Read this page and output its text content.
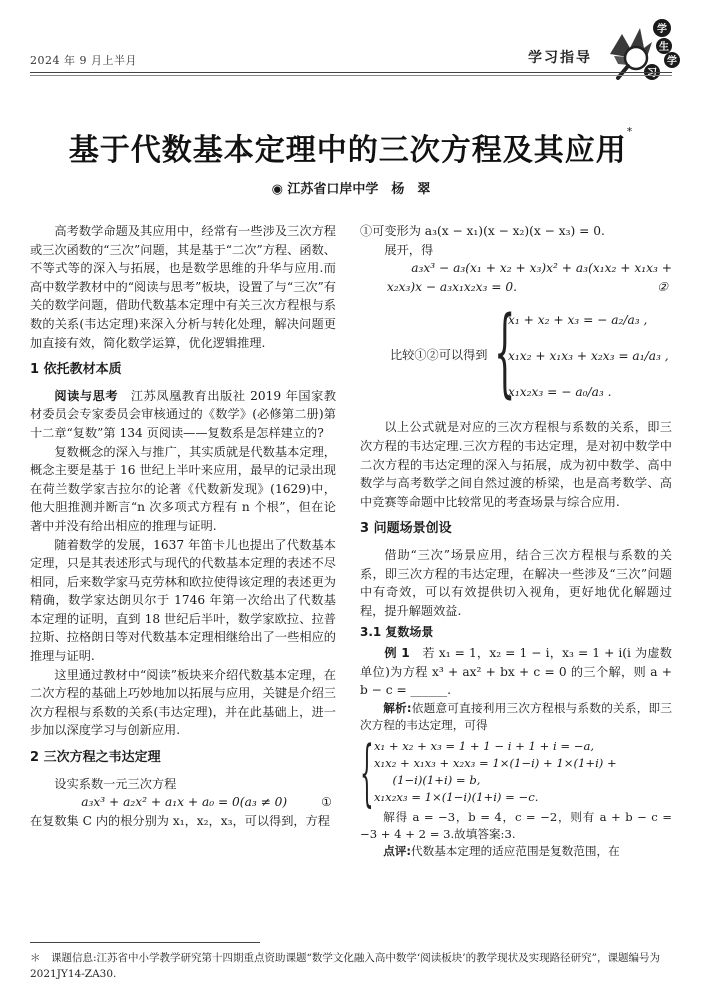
2024 年 9 月上半月	学习指导
学
生
学
习
基于代数基本定理中的三次方程及其应用*
◉ 江苏省口岸中学　杨　翠

高考数学命题及其应用中，经常有一些涉及三次方程或三次函数的“三次”问题，其是基于“二次”方程、函数、不等式等的深入与拓展，也是数学思维的升华与应用.而高中数学教材中的“阅读与思考”板块，设置了与“三次”有关的数学问题，借助代数基本定理中有关三次方程根与系数的关系(韦达定理)来深入分析与转化处理，解决问题更加直接有效，简化数学运算，优化逻辑推理.

1 依托教材本质

阅读与思考　江苏凤凰教育出版社 2019 年国家教材委员会专家委员会审核通过的《数学》(必修第二册)第十二章“复数”第 134 页阅读——复数系是怎样建立的?

复数概念的深入与推广，其实质就是代数基本定理，概念主要是基于 16 世纪上半叶来应用，最早的记录出现在荷兰数学家吉拉尔的论著《代数新发现》(1629)中，他大胆推测并断言“n 次多项式方程有 n 个根”，但在论著中并没有给出相应的推理与证明.

随着数学的发展，1637 年笛卡儿也提出了代数基本定理，只是其表述形式与现代的代数基本定理的表述不尽相同，后来数学家马克劳林和欧拉使得该定理的表述更为精确，数学家达朗贝尔于 1746 年第一次给出了代数基本定理的证明，直到 18 世纪后半叶，数学家欧拉、拉普拉斯、拉格朗日等对代数基本定理相继给出了一些相应的推理与证明.

这里通过教材中“阅读”板块来介绍代数基本定理，在二次方程的基础上巧妙地加以拓展与应用，关键是介绍三次方程根与系数的关系(韦达定理)，并在此基础上，进一步加以深度学习与创新应用.

2 三次方程之韦达定理

设实系数一元三次方程

a₃x³ + a₂x² + a₁x + a₀ = 0(a₃ ≠ 0)	①

在复数集 C 内的根分别为 x₁，x₂，x₃，可以得到，方程

①可变形为 a₃(x − x₁)(x − x₂)(x − x₃) = 0.

展开，得

a₃x³ − a₃(x₁ + x₂ + x₃)x² + a₃(x₁x₂ + x₁x₃ + x₂x₃)x − a₃x₁x₂x₃ = 0.	②

比较①②可以得到 {
x₁ + x₂ + x₃ = − a₂/a₃ ,
x₁x₂ + x₁x₃ + x₂x₃ = a₁/a₃ ,
x₁x₂x₃ = − a₀/a₃ .

以上公式就是对应的三次方程根与系数的关系，即三次方程的韦达定理.三次方程的韦达定理，是对初中数学中二次方程的韦达定理的深入与拓展，成为初中数学、高中数学与高考数学之间自然过渡的桥梁，也是高考数学、高中竞赛等命题中比较常见的考查场景与综合应用.

3 问题场景创设

借助“三次”场景应用，结合三次方程根与系数的关系，即三次方程的韦达定理，在解决一些涉及“三次”问题中有奇效，可以有效提供切入视角，更好地优化解题过程，提升解题效益.

3.1 复数场景

例 1　若 x₁ = 1，x₂ = 1 − i，x₃ = 1 + i(i 为虚数单位)为方程 x³ + ax² + bx + c = 0 的三个解，则 a + b − c = ______.

解析:依题意可直接利用三次方程根与系数的关系，即三次方程的韦达定理，可得

{ x₁ + x₂ + x₃ = 1 + 1 − i + 1 + i = −a,
x₁x₂ + x₁x₃ + x₂x₃ = 1×(1−i) + 1×(1+i) +
(1−i)(1+i) = b,
x₁x₂x₃ = 1×(1−i)(1+i) = −c.

解得 a = −3，b = 4，c = −2，则有 a + b − c = −3 + 4 + 2 = 3.故填答案:3.

点评:代数基本定理的适应范围是复数范围，在

＊　课题信息:江苏省中小学教学研究第十四期重点资助课题“数学文化融入高中数学‘阅读板块’的教学现状及实现路径研究”，课题编号为 2021JY14-ZA30.
